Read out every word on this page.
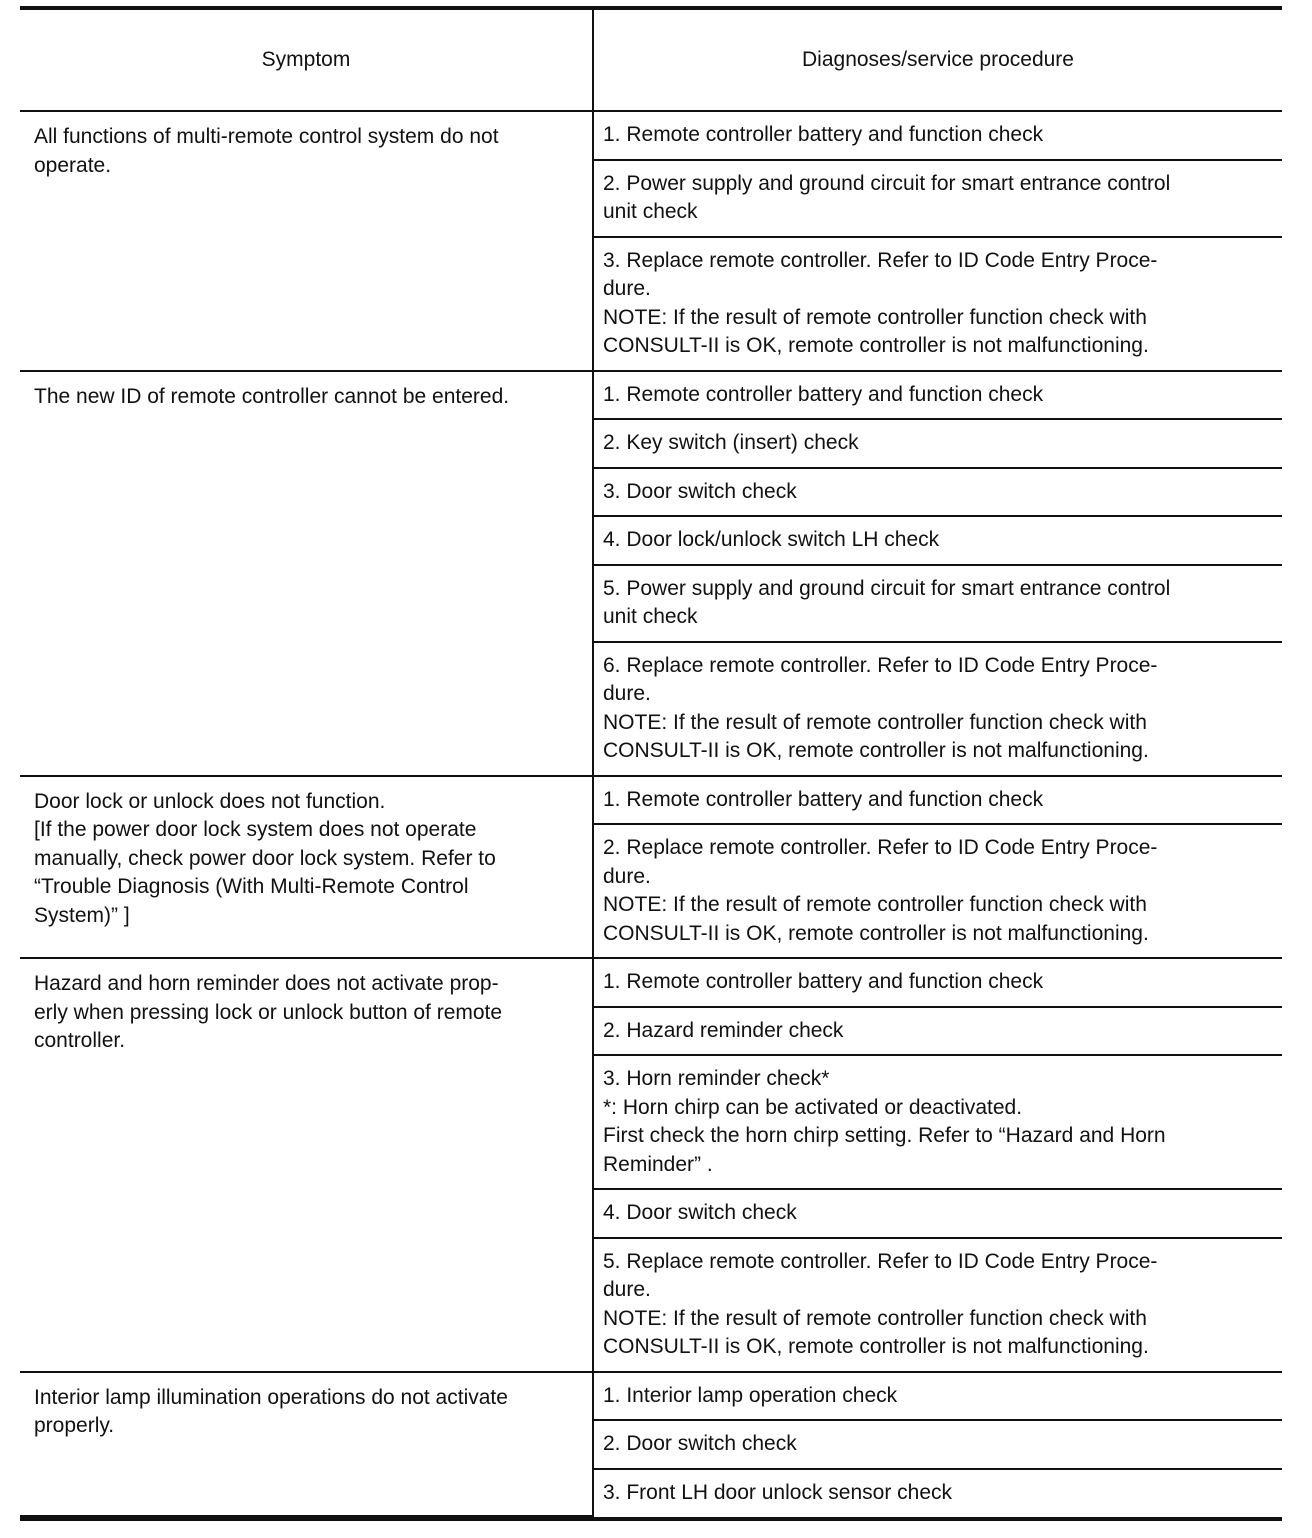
Symptom	Diagnoses/service procedure

All functions of multi-remote control system do not
operate.	1. Remote controller battery and function check

	2. Power supply and ground circuit for smart entrance control
unit check

	3. Replace remote controller. Refer to ID Code Entry Proce-
dure.
NOTE: If the result of remote controller function check with
CONSULT-II is OK, remote controller is not malfunctioning.

The new ID of remote controller cannot be entered.	1. Remote controller battery and function check

	2. Key switch (insert) check

	3. Door switch check

	4. Door lock/unlock switch LH check

	5. Power supply and ground circuit for smart entrance control
unit check

	6. Replace remote controller. Refer to ID Code Entry Proce-
dure.
NOTE: If the result of remote controller function check with
CONSULT-II is OK, remote controller is not malfunctioning.

Door lock or unlock does not function.
[If the power door lock system does not operate
manually, check power door lock system. Refer to
“Trouble Diagnosis (With Multi-Remote Control
System)” ]	1. Remote controller battery and function check

	2. Replace remote controller. Refer to ID Code Entry Proce-
dure.
NOTE: If the result of remote controller function check with
CONSULT-II is OK, remote controller is not malfunctioning.

Hazard and horn reminder does not activate prop-
erly when pressing lock or unlock button of remote
controller.	1. Remote controller battery and function check

	2. Hazard reminder check

	3. Horn reminder check*
*: Horn chirp can be activated or deactivated.
First check the horn chirp setting. Refer to “Hazard and Horn
Reminder” .

	4. Door switch check

	5. Replace remote controller. Refer to ID Code Entry Proce-
dure.
NOTE: If the result of remote controller function check with
CONSULT-II is OK, remote controller is not malfunctioning.

Interior lamp illumination operations do not activate
properly.	1. Interior lamp operation check

	2. Door switch check

	3. Front LH door unlock sensor check
